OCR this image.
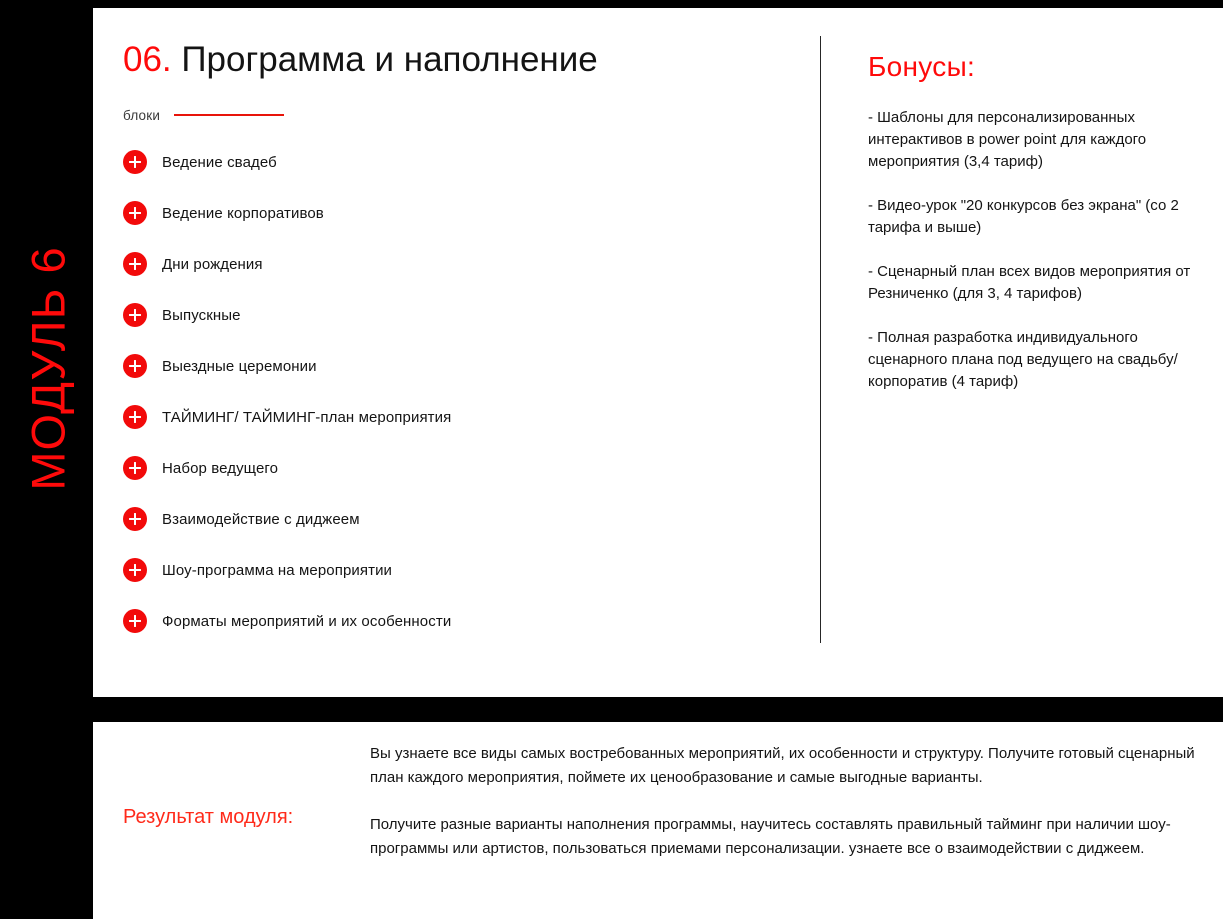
МОДУЛЬ 6
06. Программа и наполнение
блоки
Ведение свадеб
Ведение корпоративов
Дни рождения
Выпускные
Выездные церемонии
ТАЙМИНГ/ ТАЙМИНГ-план мероприятия
Набор ведущего
Взаимодействие с диджеем
Шоу-программа на мероприятии
Форматы мероприятий и их особенности
Бонусы:
- Шаблоны для персонализированных интерактивов в power point для каждого мероприятия (3,4 тариф)
- Видео-урок "20 конкурсов без экрана" (со 2 тарифа и выше)
- Сценарный план всех видов мероприятия от Резниченко (для 3, 4 тарифов)
- Полная разработка индивидуального сценарного плана под ведущего на свадьбу/корпоратив (4 тариф)
Результат модуля:

Вы узнаете все виды самых востребованных мероприятий, их особенности и структуру. Получите готовый сценарный план каждого мероприятия, поймете их ценообразование и самые выгодные варианты.

Получите разные варианты наполнения программы, научитесь составлять правильный тайминг при наличии шоу-программы или артистов, пользоваться приемами персонализации. узнаете все о взаимодействии с диджеем.
